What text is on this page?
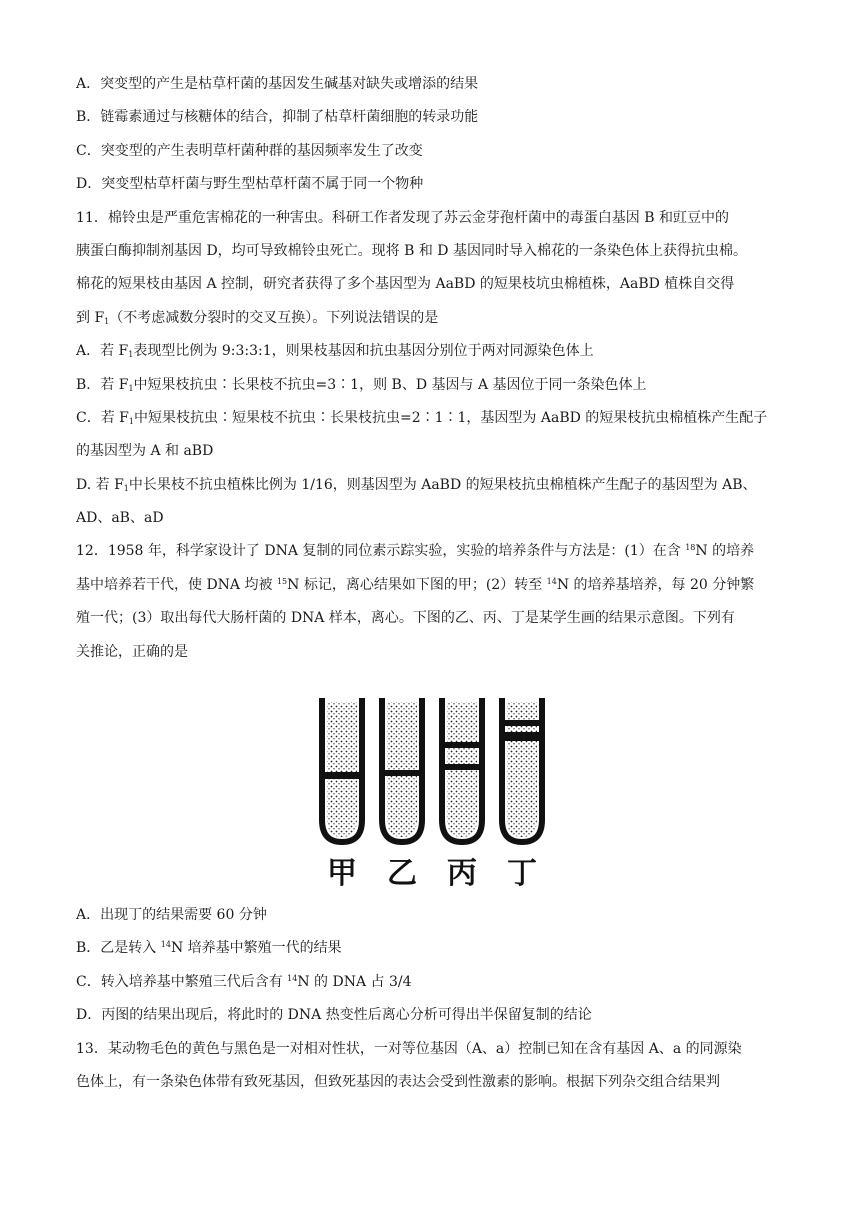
A．突变型的产生是枯草杆菌的基因发生碱基对缺失或增添的结果
B．链霉素通过与核糖体的结合，抑制了枯草杆菌细胞的转录功能
C．突变型的产生表明草杆菌种群的基因频率发生了改变
D．突变型枯草杆菌与野生型枯草杆菌不属于同一个物种
11．棉铃虫是严重危害棉花的一种害虫。科研工作者发现了苏云金芽孢杆菌中的毒蛋白基因 B 和豇豆中的
胰蛋白酶抑制剂基因 D，均可导致棉铃虫死亡。现将 B 和 D 基因同时导入棉花的一条染色体上获得抗虫棉。
棉花的短果枝由基因 A 控制，研究者获得了多个基因型为 AaBD 的短果枝坑虫棉植株，AaBD 植株自交得
到 $F_1$（不考虑减数分裂时的交叉互换）。下列说法错误的是
A．若 $F_1$表现型比例为 9:3:3:1，则果枝基因和抗虫基因分别位于两对同源染色体上
B．若 $F_1$中短果枝抗虫∶长果枝不抗虫=3∶1，则 B、D 基因与 A 基因位于同一条染色体上
C．若 $F_1$中短果枝抗虫∶短果枝不抗虫∶长果枝抗虫=2∶1∶1，基因型为 AaBD 的短果枝抗虫棉植株产生配子
的基因型为 A 和 aBD
D. 若 $F_1$中长果枝不抗虫植株比例为 1/16，则基因型为 AaBD 的短果枝抗虫棉植株产生配子的基因型为 AB、
AD、aB、aD
12．1958 年，科学家设计了 DNA 复制的同位素示踪实验，实验的培养条件与方法是：(1）在含 $^{18}$N 的培养
基中培养若干代，使 DNA 均被 $^{15}$N 标记，离心结果如下图的甲；(2）转至 $^{14}$N 的培养基培养，每 20 分钟繁
殖一代；(3）取出每代大肠杆菌的 DNA 样本，离心。下图的乙、丙、丁是某学生画的结果示意图。下列有
关推论，正确的是
甲 乙 丙 丁
A．出现丁的结果需要 60 分钟
B．乙是转入 $^{14}$N 培养基中繁殖一代的结果
C．转入培养基中繁殖三代后含有 $^{14}$N 的 DNA 占 3/4
D．丙图的结果出现后，将此时的 DNA 热变性后离心分析可得出半保留复制的结论
13．某动物毛色的黄色与黑色是一对相对性状，一对等位基因（A、a）控制已知在含有基因 A、a 的同源染
色体上，有一条染色体带有致死基因，但致死基因的表达会受到性激素的影响。根据下列杂交组合结果判
